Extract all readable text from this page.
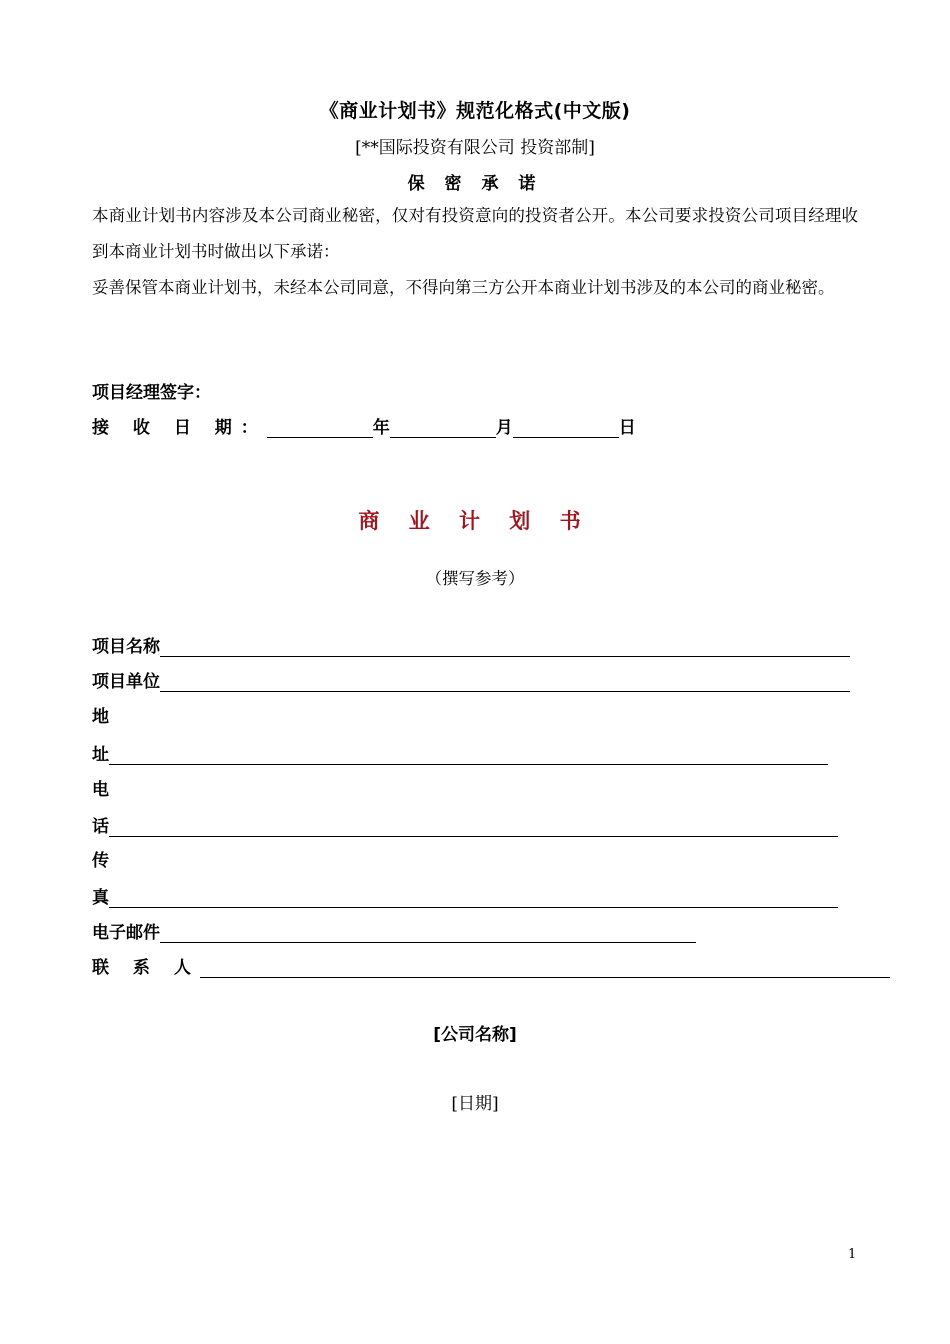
《商业计划书》规范化格式(中文版)
[**国际投资有限公司 投资部制]
保 密 承 诺
本商业计划书内容涉及本公司商业秘密，仅对有投资意向的投资者公开。本公司要求投资公司项目经理收到本商业计划书时做出以下承诺：
妥善保管本商业计划书，未经本公司同意，不得向第三方公开本商业计划书涉及的本公司的商业秘密。
项目经理签字：
接 收 日 期：	年	月	日
商 业 计 划 书
（撰写参考）
项目名称
项目单位
地
址
电
话
传
真
电子邮件
联 系 人
[公司名称]
[日期]
1
